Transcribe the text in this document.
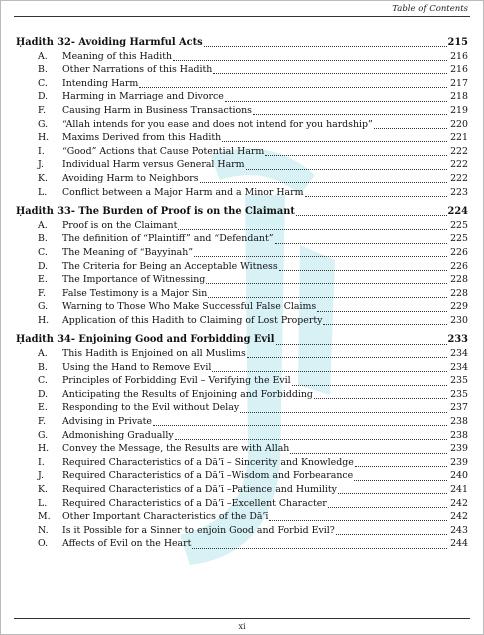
Table of Contents
Ḥadith 32- Avoiding Harmful Acts	215
A.	Meaning of this Hadith	216
B.	Other Narrations of this Hadith	216
C.	Intending Harm	217
D.	Harming in Marriage and Divorce	218
F.	Causing Harm in Business Transactions	219
G.	“Allah intends for you ease and does not intend for you hardship”	220
H.	Maxims Derived from this Hadith	221
I.	“Good” Actions that Cause Potential Harm	222
J.	Individual Harm versus General Harm	222
K.	Avoiding Harm to Neighbors	222
L.	Conflict between a Major Harm and a Minor Harm	223
Ḥadith 33- The Burden of Proof is on the Claimant	224
A.	Proof is on the Claimant	225
B.	The definition of “Plaintiff” and “Defendant”	225
C.	The Meaning of “Bayyinah”	226
D.	The Criteria for Being an Acceptable Witness	226
E.	The Importance of Witnessing	228
F.	False Testimony is a Major Sin	228
G.	Warning to Those Who Make Successful False Claims	229
H.	Application of this Hadith to Claiming of Lost Property	230
Ḥadith 34- Enjoining Good and Forbidding Evil	233
A.	This Hadith is Enjoined on all Muslims	234
B.	Using the Hand to Remove Evil	234
C.	Principles of Forbidding Evil – Verifying the Evil	235
D.	Anticipating the Results of Enjoining and Forbidding	235
E.	Responding to the Evil without Delay	237
F.	Advising in Private	238
G.	Admonishing Gradually	238
H.	Convey the Message, the Results are with Allah	239
I.	Required Characteristics of a Dā’ī – Sincerity and Knowledge	239
J.	Required Characteristics of a Dā’ī –Wisdom and Forbearance	240
K.	Required Characteristics of a Dā’ī –Patience and Humility	241
L.	Required Characteristics of a Dā’ī –Excellent Character	242
M.	Other Important Characteristics of the Dā’ī	242
N.	Is it Possible for a Sinner to enjoin Good and Forbid Evil?	243
O.	Affects of Evil on the Heart	244
xi
